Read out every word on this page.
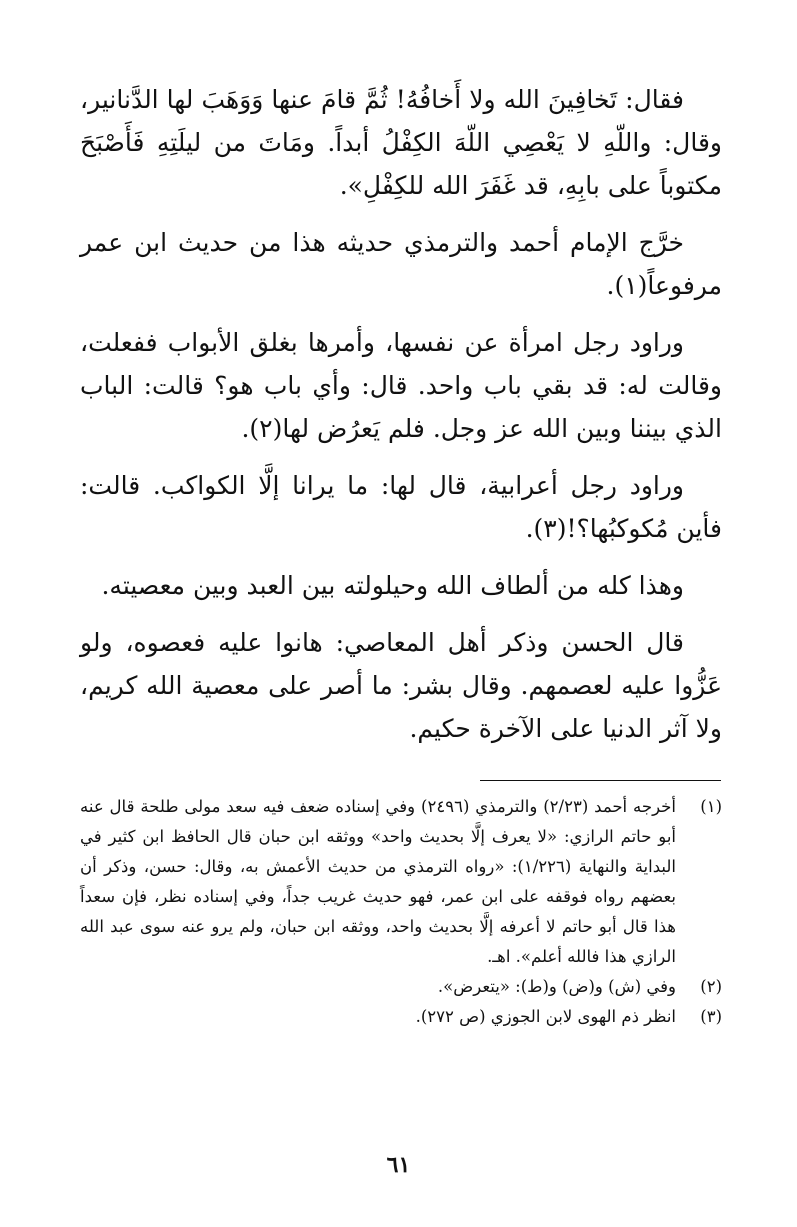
فقال: تَخافِينَ الله ولا أَخافُهُ! ثُمَّ قامَ عنها وَوَهَبَ لها الدَّنانير، وقال: واللّهِ لا يَعْصِي اللّهَ الكِفْلُ أبداً. ومَاتَ من ليلَتِهِ فَأَصْبَحَ مكتوباً على بابِهِ، قد غَفَرَ الله للكِفْلِ».

خرَّج الإمام أحمد والترمذي حديثه هذا من حديث ابن عمر مرفوعاً(١).

وراود رجل امرأة عن نفسها، وأمرها بغلق الأبواب ففعلت، وقالت له: قد بقي باب واحد. قال: وأي باب هو؟ قالت: الباب الذي بيننا وبين الله عز وجل. فلم يَعرُض لها(٢).

وراود رجل أعرابية، قال لها: ما يرانا إلَّا الكواكب. قالت: فأين مُكوكبُها؟!(٣).

وهذا كله من ألطاف الله وحيلولته بين العبد وبين معصيته.

قال الحسن وذكر أهل المعاصي: هانوا عليه فعصوه، ولو عَزُّوا عليه لعصمهم. وقال بشر: ما أصر على معصية الله كريم، ولا آثر الدنيا على الآخرة حكيم.

(١)
أخرجه أحمد (٢/٢٣) والترمذي (٢٤٩٦) وفي إسناده ضعف فيه سعد مولى طلحة قال عنه أبو حاتم الرازي: «لا يعرف إلَّا بحديث واحد» ووثقه ابن حبان قال الحافظ ابن كثير في البداية والنهاية (١/٢٢٦): «رواه الترمذي من حديث الأعمش به، وقال: حسن، وذكر أن بعضهم رواه فوقفه على ابن عمر، فهو حديث غريب جداً، وفي إسناده نظر، فإن سعداً هذا قال أبو حاتم لا أعرفه إلَّا بحديث واحد، ووثقه ابن حبان، ولم يرو عنه سوى عبد الله الرازي هذا فالله أعلم». اهـ.
(٢)
وفي (ش) و(ض) و(ط): «يتعرض».
(٣)
انظر ذم الهوى لابن الجوزي (ص ٢٧٢).
٦١
